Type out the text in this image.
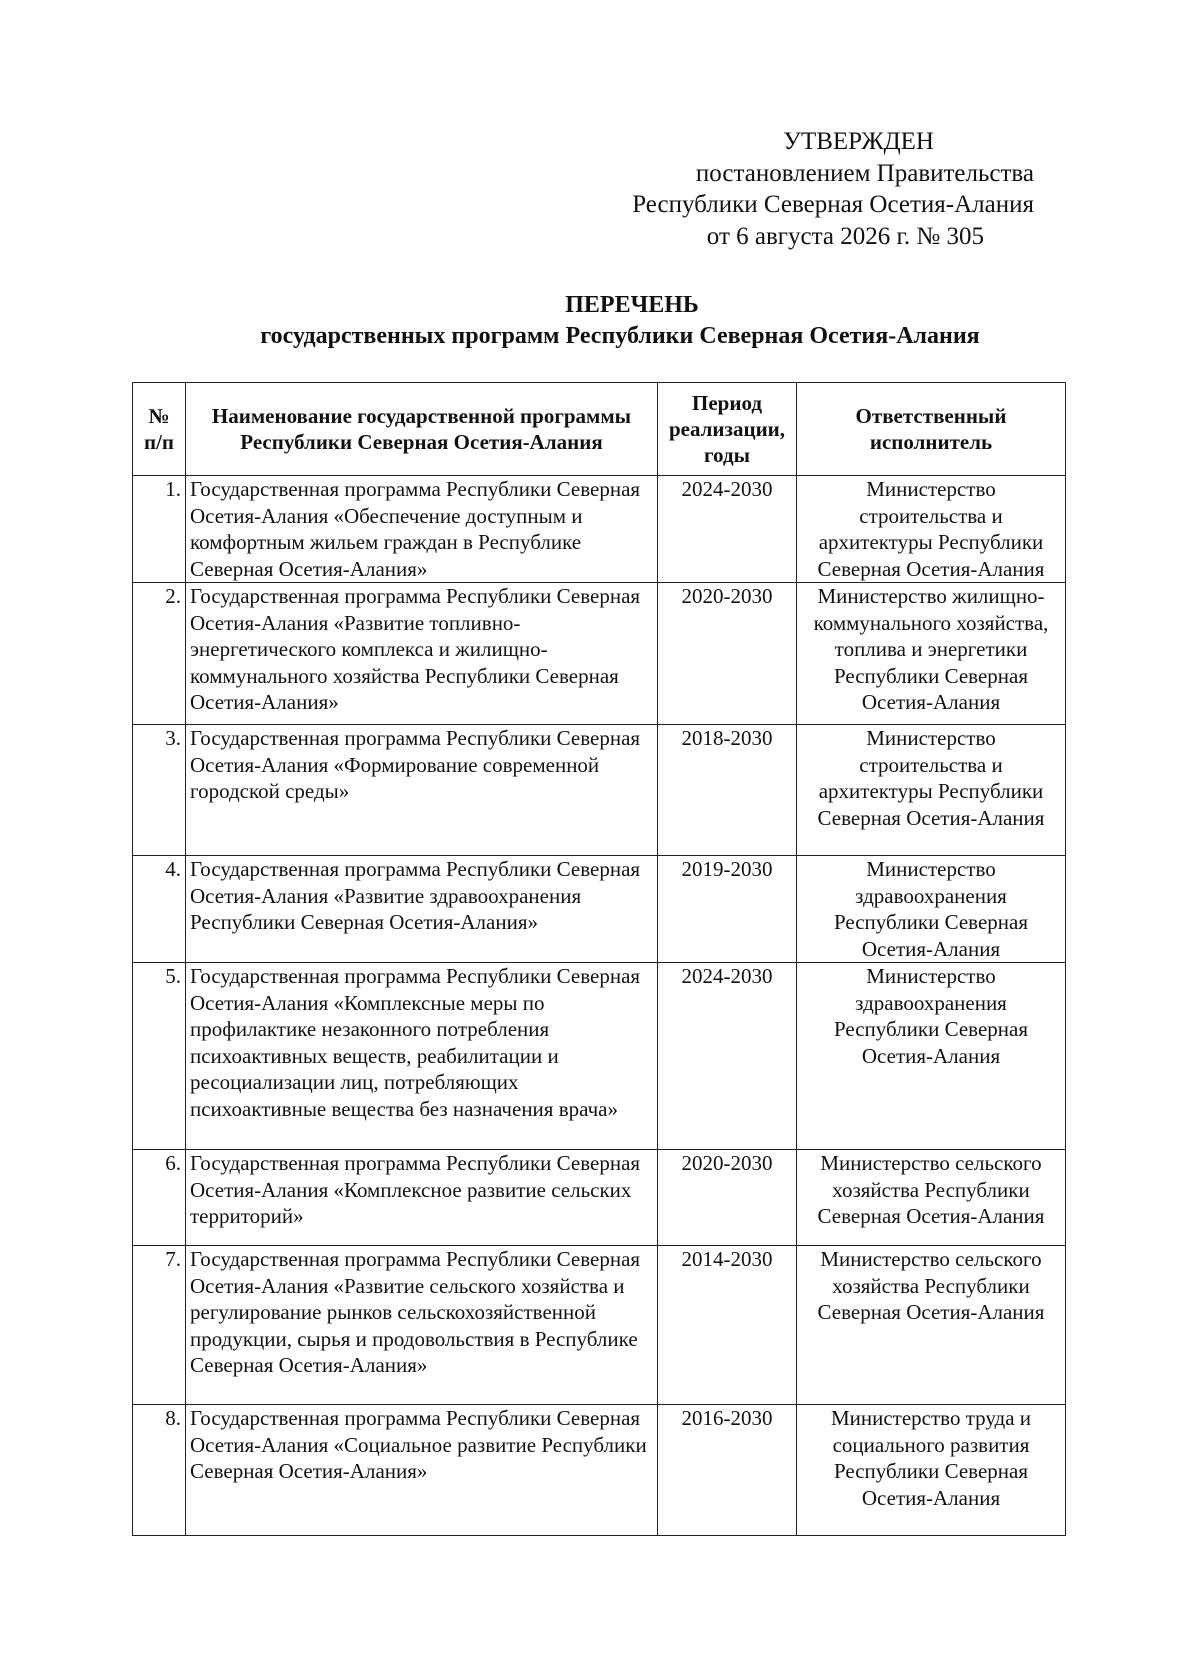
УТВЕРЖДЕН
постановлением Правительства
Республики Северная Осетия-Алания
от 6 августа 2026 г. № 305
ПЕРЕЧЕНЬ
государственных программ Республики Северная Осетия-Алания
№ п/п	Наименование государственной программы Республики Северная Осетия-Алания	Период реализации, годы	Ответственный исполнитель
1.	Государственная программа Республики Северная Осетия-Алания «Обеспечение доступным и комфортным жильем граждан в Республике Северная Осетия-Алания»	2024-2030	Министерство строительства и архитектуры Республики Северная Осетия-Алания
2.	Государственная программа Республики Северная Осетия-Алания «Развитие топливно-энергетического комплекса и жилищно-коммунального хозяйства Республики Северная Осетия-Алания»	2020-2030	Министерство жилищно-коммунального хозяйства, топлива и энергетики Республики Северная Осетия-Алания
3.	Государственная программа Республики Северная Осетия-Алания «Формирование современной городской среды»	2018-2030	Министерство строительства и архитектуры Республики Северная Осетия-Алания
4.	Государственная программа Республики Северная Осетия-Алания «Развитие здравоохранения Республики Северная Осетия-Алания»	2019-2030	Министерство здравоохранения Республики Северная Осетия-Алания
5.	Государственная программа Республики Северная Осетия-Алания «Комплексные меры по профилактике незаконного потребления психоактивных веществ, реабилитации и ресоциализации лиц, потребляющих психоактивные вещества без назначения врача»	2024-2030	Министерство здравоохранения Республики Северная Осетия-Алания
6.	Государственная программа Республики Северная Осетия-Алания «Комплексное развитие сельских территорий»	2020-2030	Министерство сельского хозяйства Республики Северная Осетия-Алания
7.	Государственная программа Республики Северная Осетия-Алания «Развитие сельского хозяйства и регулирование рынков сельскохозяйственной продукции, сырья и продовольствия в Республике Северная Осетия-Алания»	2014-2030	Министерство сельского хозяйства Республики Северная Осетия-Алания
8.	Государственная программа Республики Северная Осетия-Алания «Социальное развитие Республики Северная Осетия-Алания»	2016-2030	Министерство труда и социального развития Республики Северная Осетия-Алания
